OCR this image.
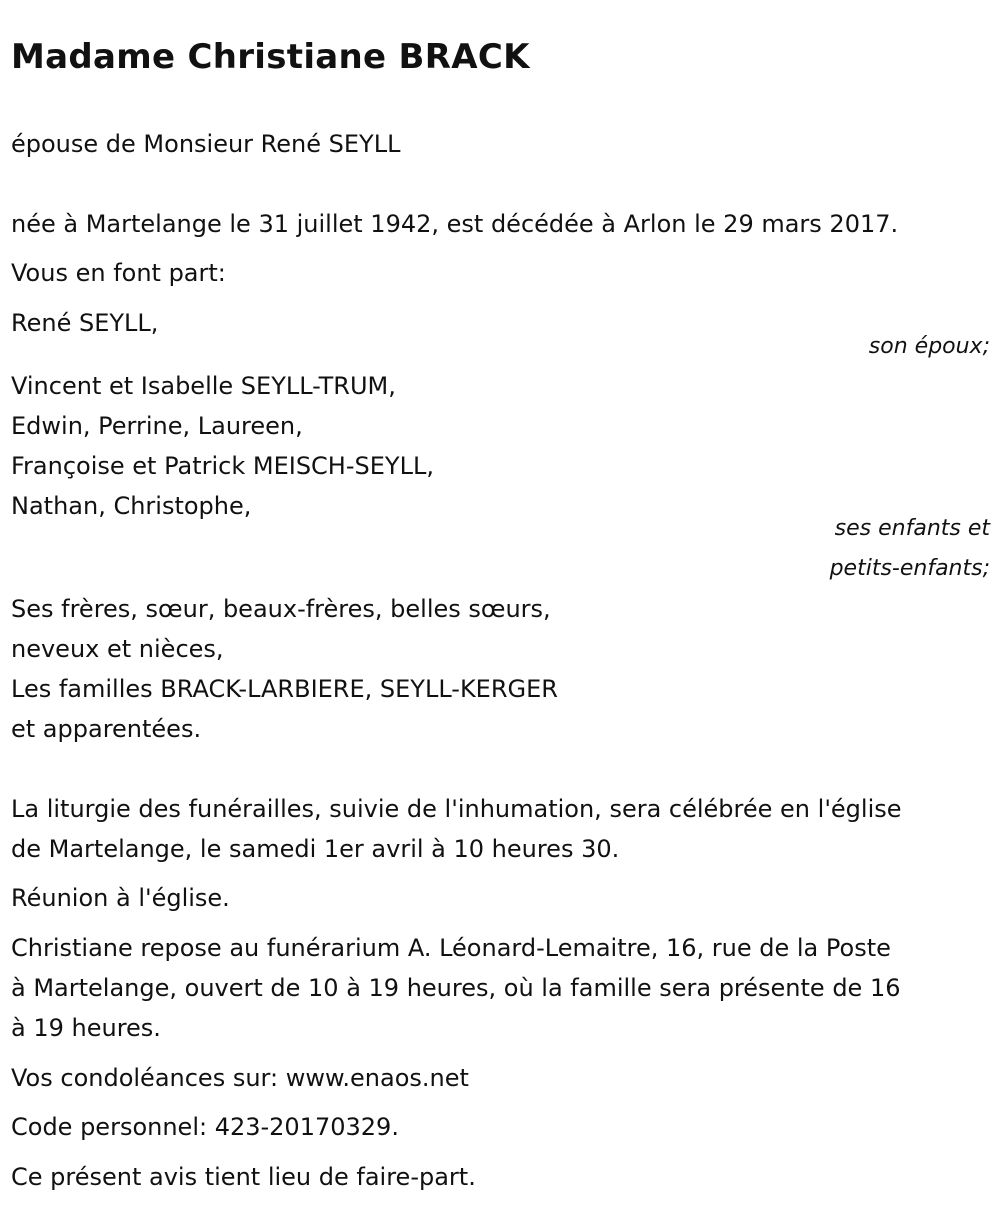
Madame Christiane BRACK

épouse de Monsieur René SEYLL

née à Martelange le 31 juillet 1942, est décédée à Arlon le 29 mars 2017.

Vous en font part:

René SEYLL,

son époux;

Vincent et Isabelle SEYLL-TRUM,

Edwin, Perrine, Laureen,

Françoise et Patrick MEISCH-SEYLL,

Nathan, Christophe,

ses enfants et

petits-enfants;

Ses frères, sœur, beaux-frères, belles sœurs,

neveux et nièces,

Les familles BRACK-LARBIERE, SEYLL-KERGER

et apparentées.

La liturgie des funérailles, suivie de l'inhumation, sera célébrée en l'église

de Martelange, le samedi 1er avril à 10 heures 30.

Réunion à l'église.

Christiane repose au funérarium A. Léonard-Lemaitre, 16, rue de la Poste

à Martelange, ouvert de 10 à 19 heures, où la famille sera présente de 16

à 19 heures.

Vos condoléances sur: www.enaos.net

Code personnel: 423-20170329.

Ce présent avis tient lieu de faire-part.
